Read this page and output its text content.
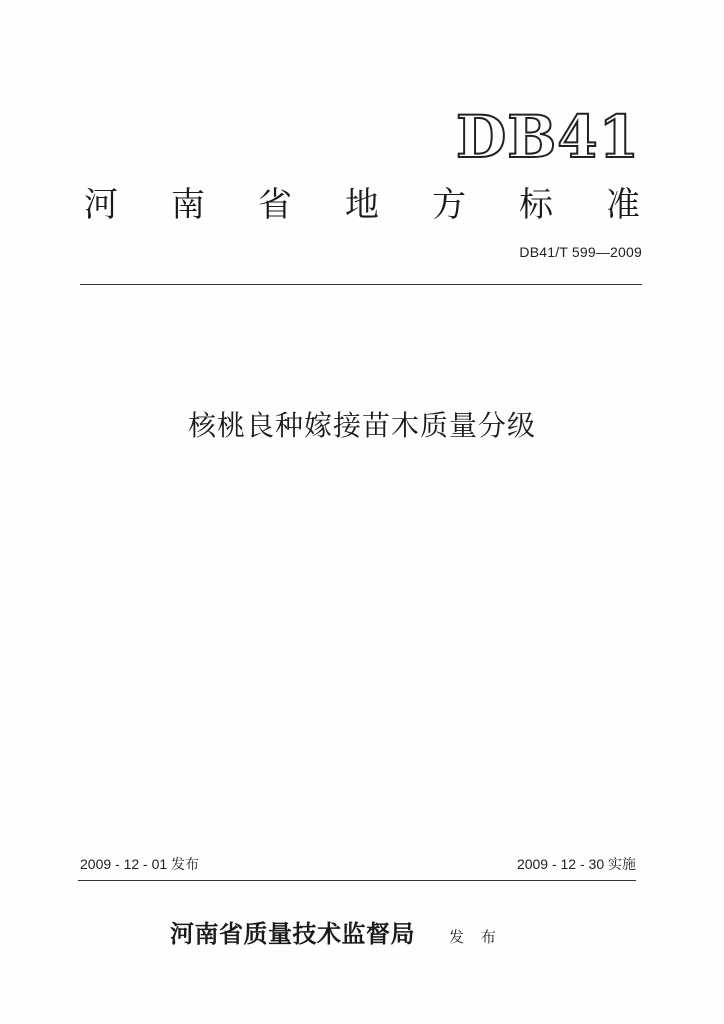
DB41
河 南 省 地 方 标 准
DB41/T 599—2009
核桃良种嫁接苗木质量分级
2009 - 12 - 01 发布	2009 - 12 - 30 实施
河南省质量技术监督局 发 布
